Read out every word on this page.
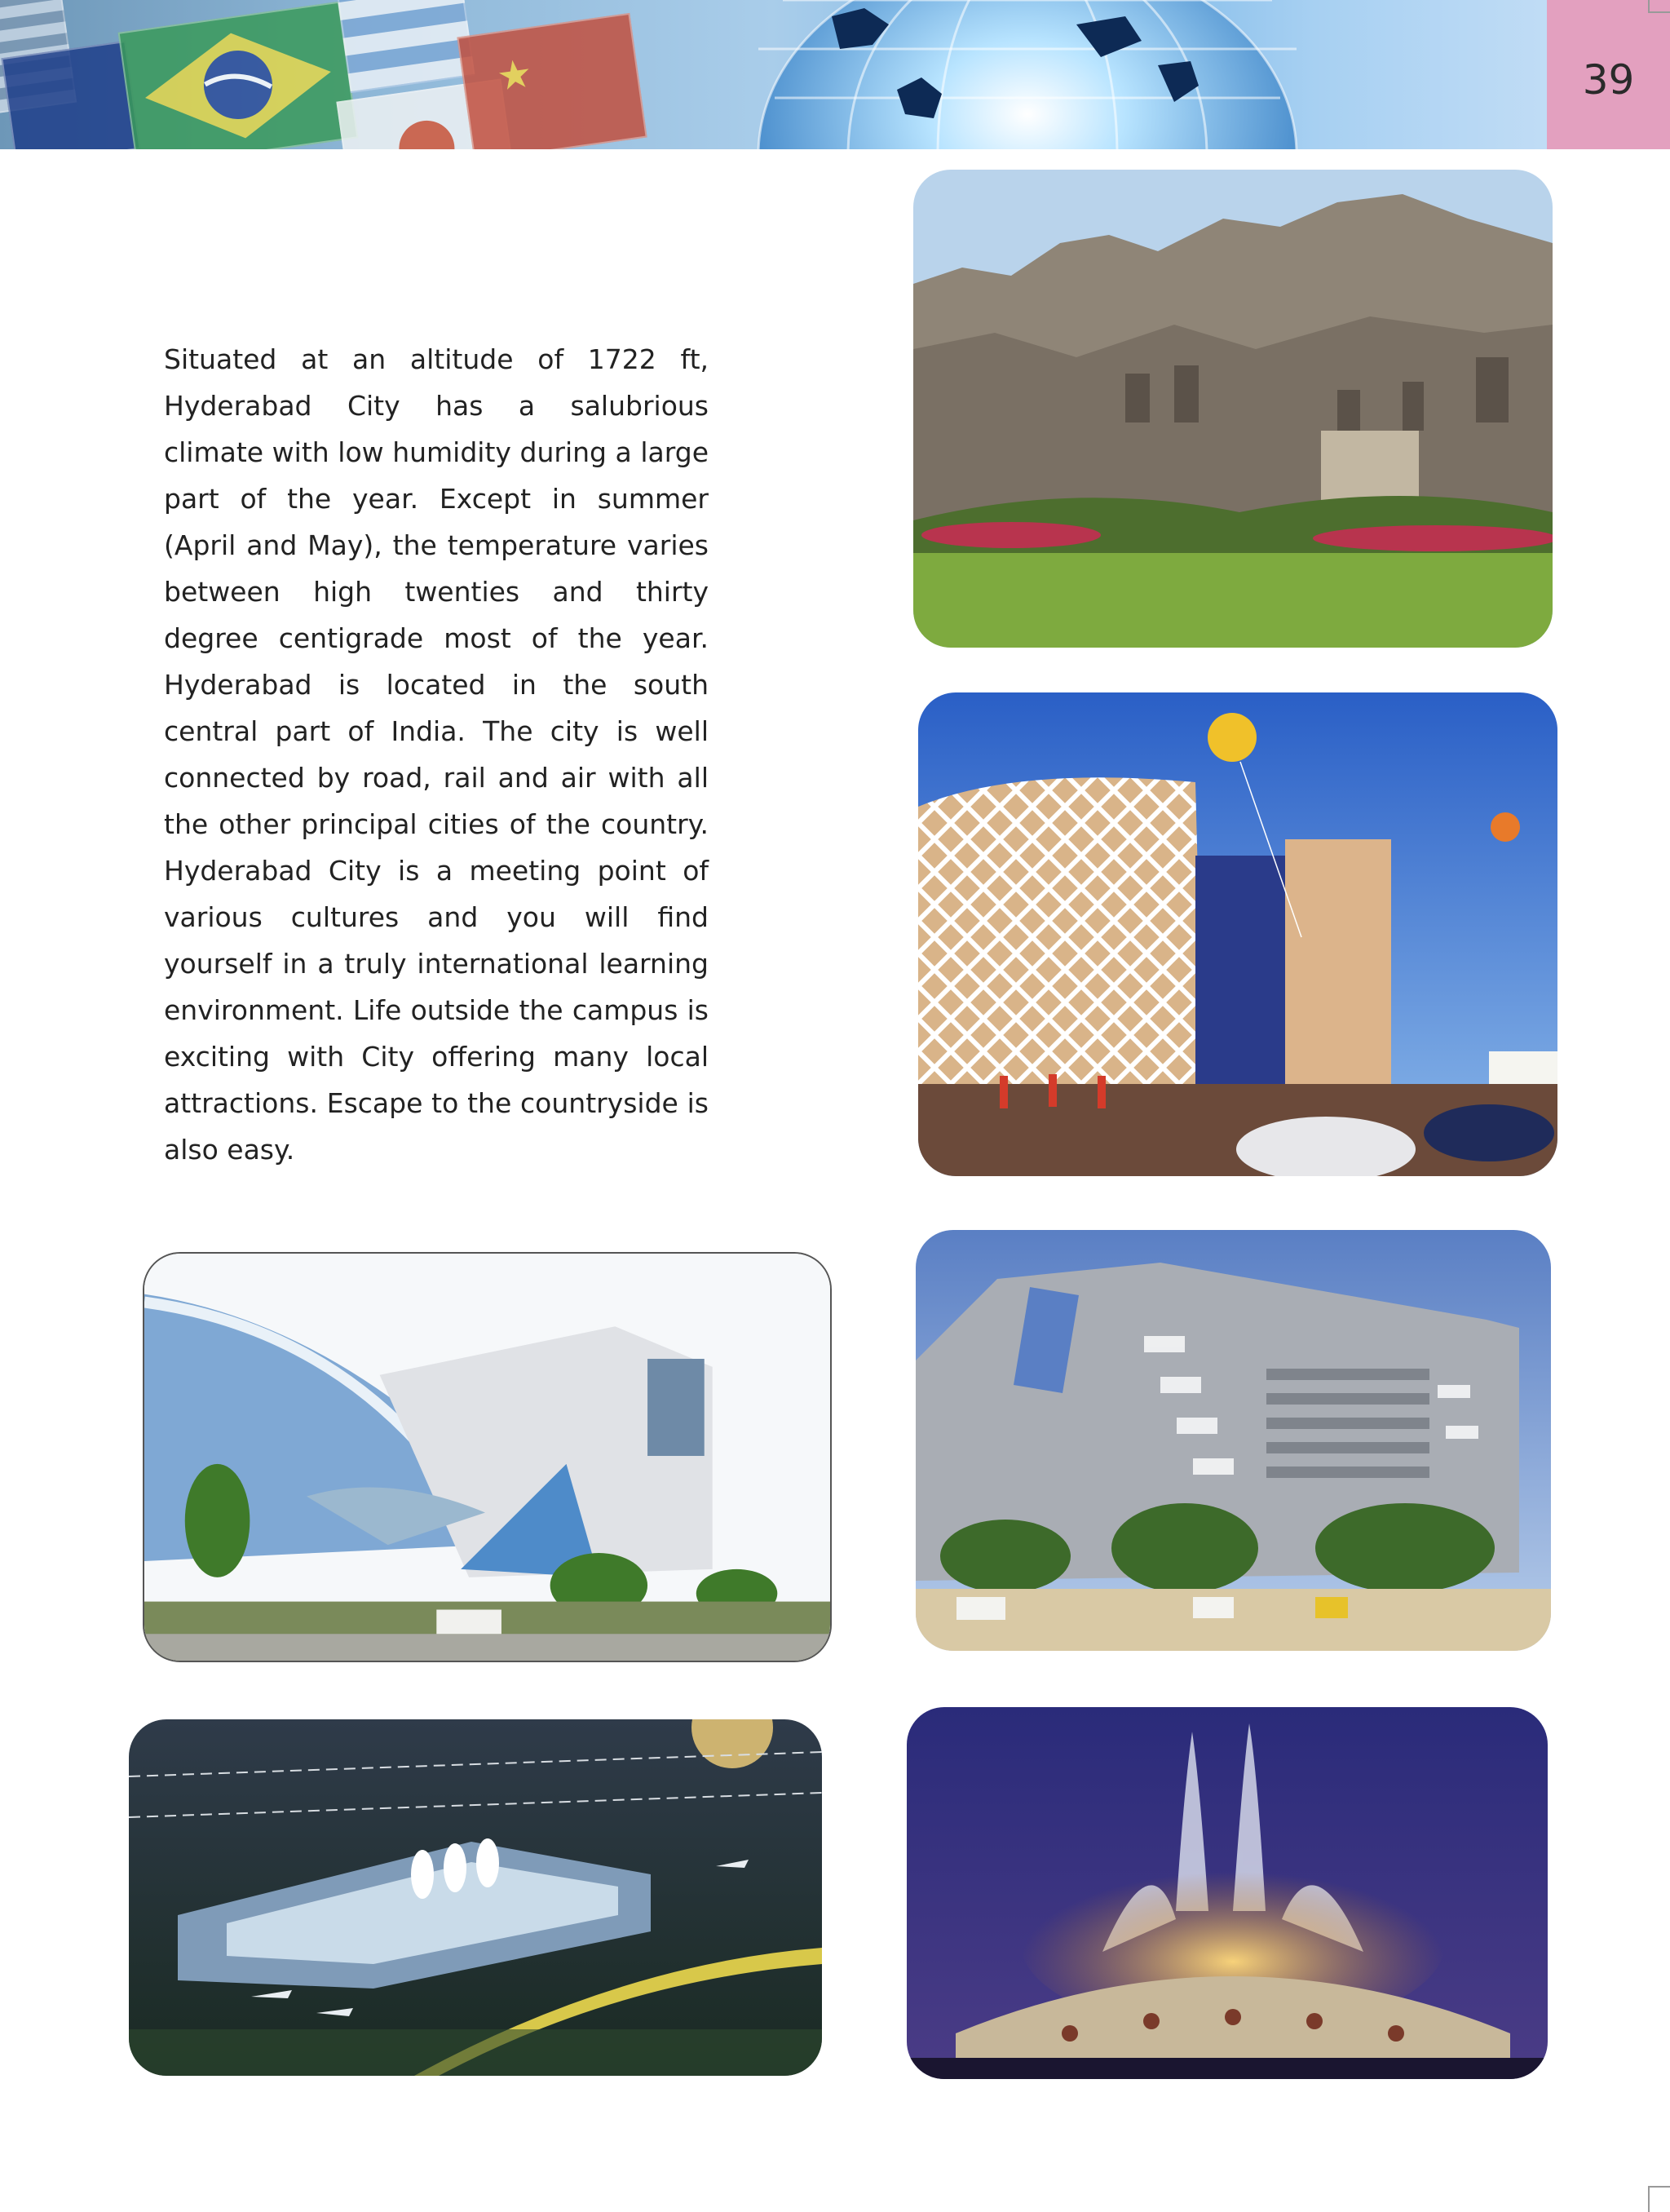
★	39

Situated at an altitude of 1722 ft, Hyderabad City has a salubrious climate with low humidity during a large part of the year. Except in summer (April and May), the temperature varies between high twenties and thirty degree centigrade most of the year. Hyderabad is located in the south central part of India. The city is well connected by road, rail and air with all the other principal cities of the country. Hyderabad City is a meeting point of various cultures and you will find yourself in a truly international learning environment. Life outside the campus is exciting with City offering many local attractions. Escape to the countryside is also easy.
